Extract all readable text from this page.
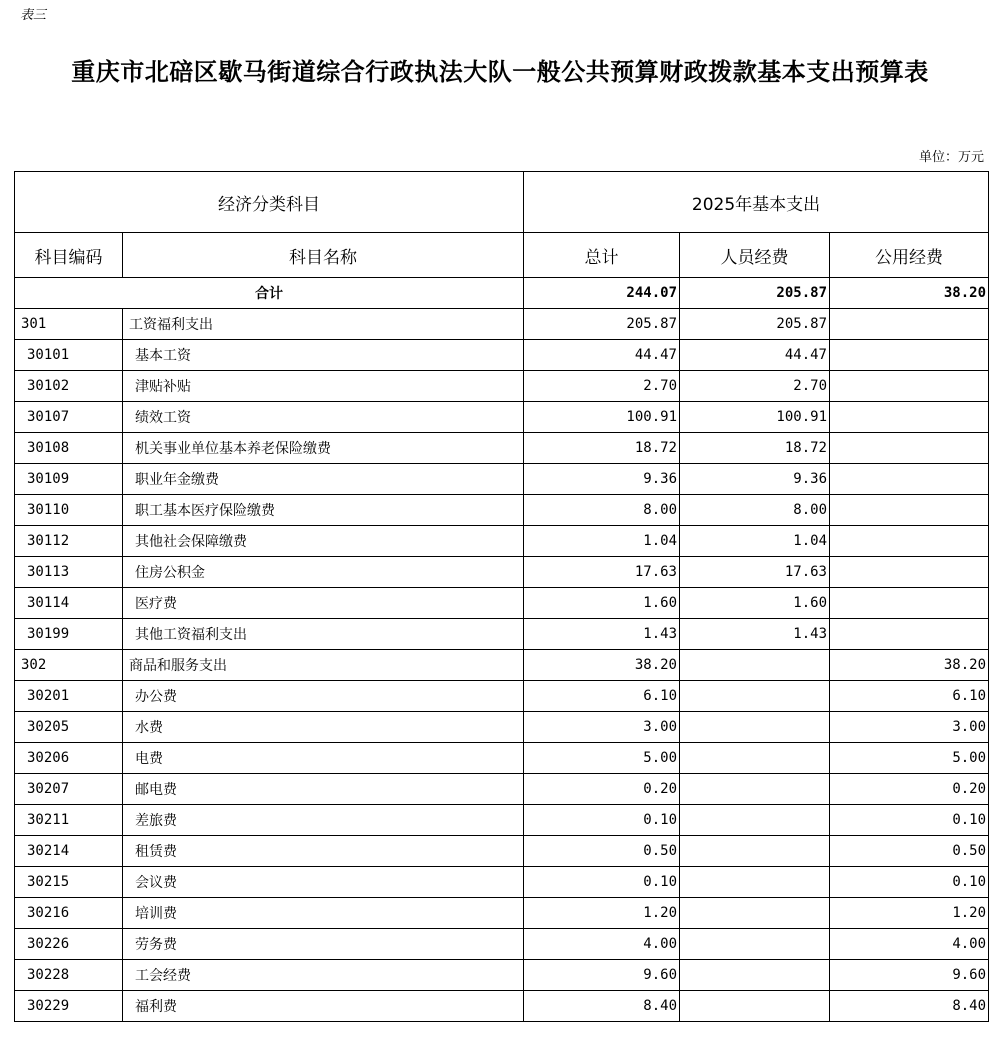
表三
重庆市北碚区歇马街道综合行政执法大队一般公共预算财政拨款基本支出预算表
单位：万元
经济分类科目		2025年基本支出		
科目编码	科目名称	总计	人员经费	公用经费
合计		244.07	205.87	38.20
301	工资福利支出	205.87	205.87	
30101	基本工资	44.47	44.47	
30102	津贴补贴	2.70	2.70	
30107	绩效工资	100.91	100.91	
30108	机关事业单位基本养老保险缴费	18.72	18.72	
30109	职业年金缴费	9.36	9.36	
30110	职工基本医疗保险缴费	8.00	8.00	
30112	其他社会保障缴费	1.04	1.04	
30113	住房公积金	17.63	17.63	
30114	医疗费	1.60	1.60	
30199	其他工资福利支出	1.43	1.43	
302	商品和服务支出	38.20		38.20
30201	办公费	6.10		6.10
30205	水费	3.00		3.00
30206	电费	5.00		5.00
30207	邮电费	0.20		0.20
30211	差旅费	0.10		0.10
30214	租赁费	0.50		0.50
30215	会议费	0.10		0.10
30216	培训费	1.20		1.20
30226	劳务费	4.00		4.00
30228	工会经费	9.60		9.60
30229	福利费	8.40		8.40
